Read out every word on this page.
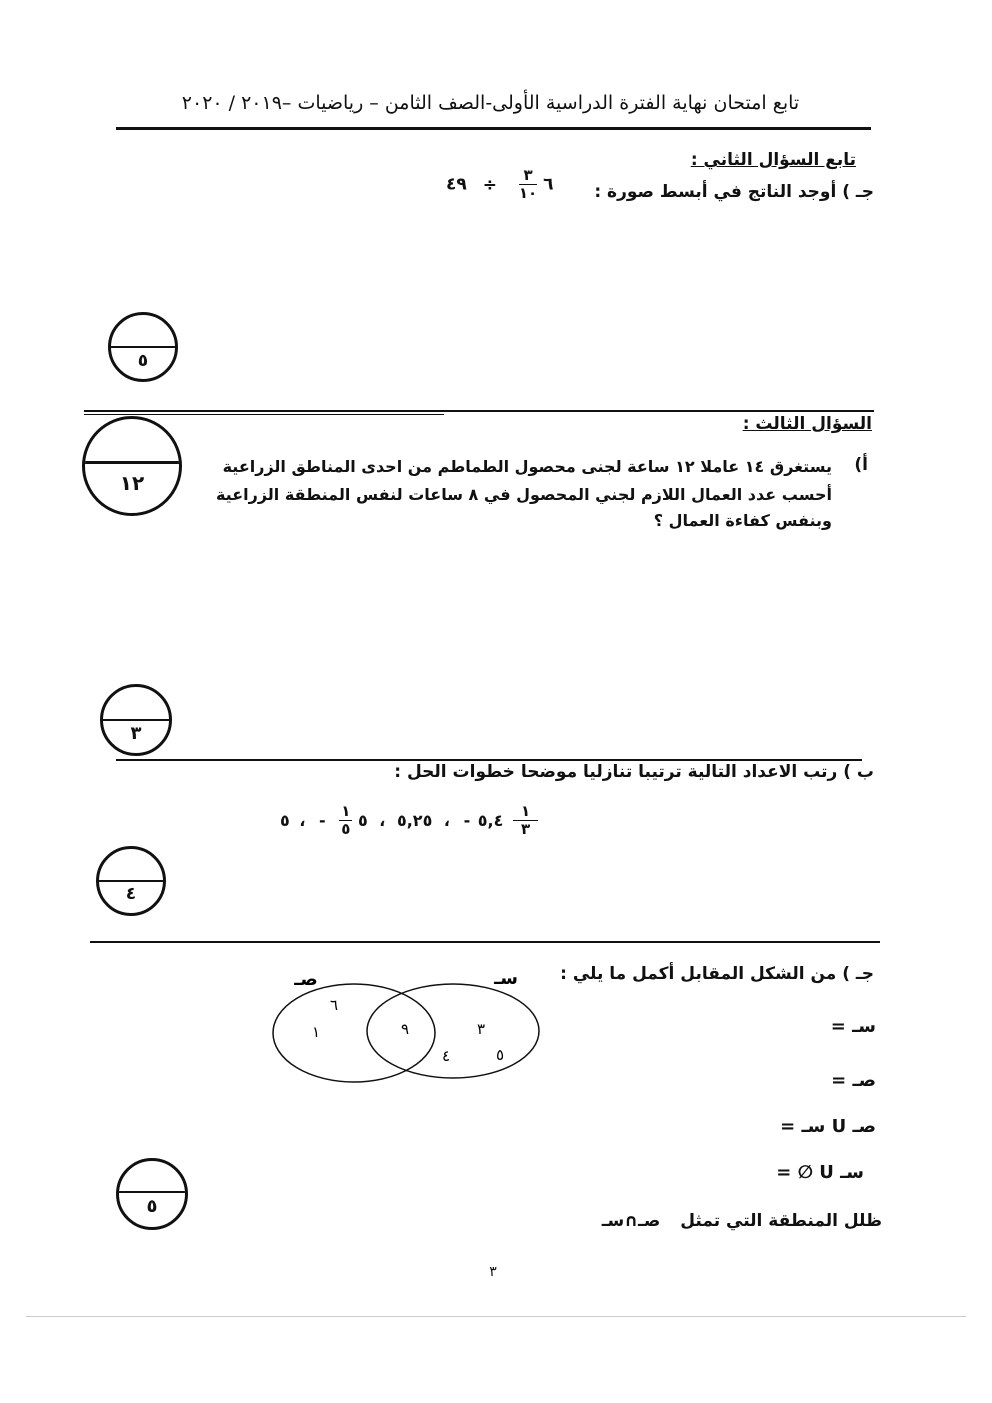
تابع امتحان نهاية الفترة الدراسية الأولى-الصف الثامن – رياضيات –٢٠١٩ / ٢٠٢٠
تابع السؤال الثاني :
جـ ) أوجد الناتج في أبسط صورة :
٦
$\frac{٣}{١٠}$
÷ ٤٩
٥
السؤال الثالث :
١٢
أ)
يستغرق ١٤ عاملا ١٢ ساعة لجنى محصول الطماطم من احدى المناطق الزراعية
أحسب عدد العمال اللازم لجني المحصول في ٨ ساعات لنفس المنطقة الزراعية
وبنفس كفاءة العمال ؟
٣
ب ) رتب الاعداد التالية ترتيبا تنازليا موضحا خطوات الحل :
٥,٤ - ، ٥,٢٥ ، ٥
$\frac{١}{٥}$
- ، ٥	$\frac{١}{٣}$
٤
جـ ) من الشكل المقابل أكمل ما يلي :
صـ	سـ
٦
١	٩	٣
٤	٥
سـ =
صـ =
صـ U سـ =
سـ U ∅ =
ظلل المنطقة التي تمثل صـ∩سـ
٥
٣
